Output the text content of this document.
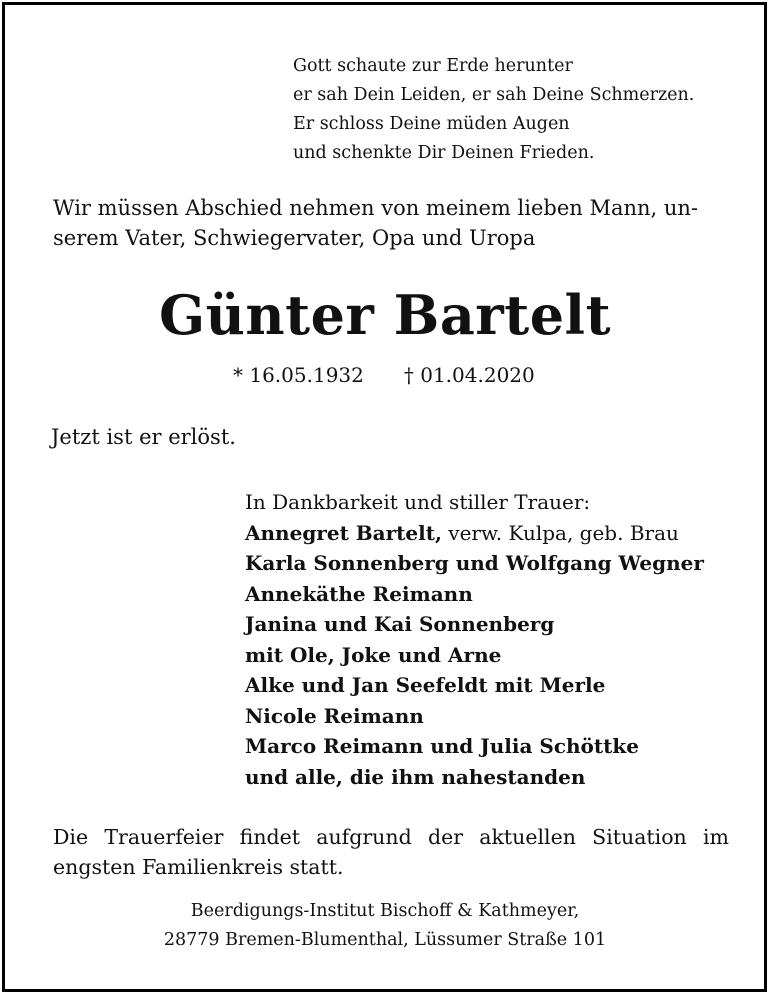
Gott schaute zur Erde herunter
er sah Dein Leiden, er sah Deine Schmerzen.
Er schloss Deine müden Augen
und schenkte Dir Deinen Frieden.
Wir müssen Abschied nehmen von meinem lieben Mann, un-
serem Vater, Schwiegervater, Opa und Uropa
Günter Bartelt
* 16.05.1932 † 01.04.2020
Jetzt ist er erlöst.
In Dankbarkeit und stiller Trauer:
Annegret Bartelt, verw. Kulpa, geb. Brau
Karla Sonnenberg und Wolfgang Wegner
Annekäthe Reimann
Janina und Kai Sonnenberg
mit Ole, Joke und Arne
Alke und Jan Seefeldt mit Merle
Nicole Reimann
Marco Reimann und Julia Schöttke
und alle, die ihm nahestanden
Die Trauerfeier findet aufgrund der aktuellen Situation im
engsten Familienkreis statt.
Beerdigungs-Institut Bischoff & Kathmeyer,
28779 Bremen-Blumenthal, Lüssumer Straße 101
